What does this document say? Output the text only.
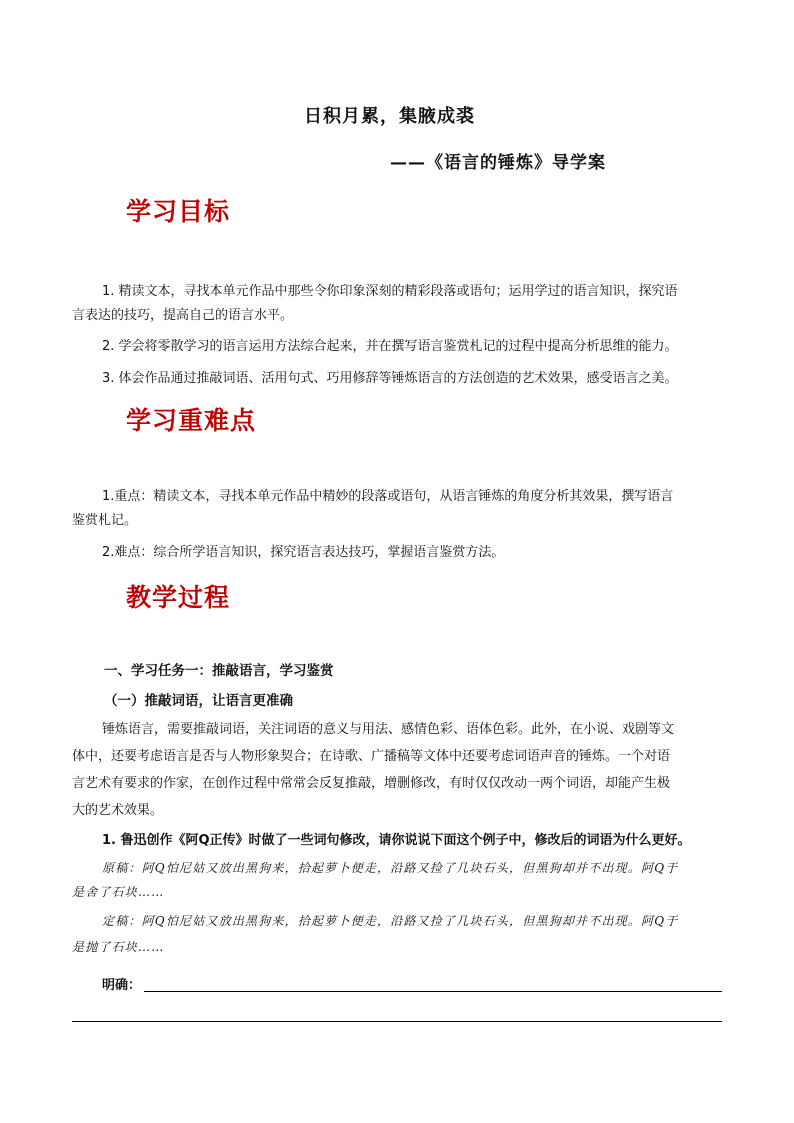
日积月累，集腋成裘
——《语言的锤炼》导学案
学习目标
1. 精读文本，寻找本单元作品中那些令你印象深刻的精彩段落或语句；运用学过的语言知识，探究语
言表达的技巧，提高自己的语言水平。
2. 学会将零散学习的语言运用方法综合起来，并在撰写语言鉴赏札记的过程中提高分析思维的能力。
3. 体会作品通过推敲词语、活用句式、巧用修辞等锤炼语言的方法创造的艺术效果，感受语言之美。
学习重难点
1.重点：精读文本，寻找本单元作品中精妙的段落或语句，从语言锤炼的角度分析其效果，撰写语言
鉴赏札记。
2.难点：综合所学语言知识，探究语言表达技巧，掌握语言鉴赏方法。
教学过程
一、学习任务一：推敲语言，学习鉴赏
（一）推敲词语，让语言更准确
锤炼语言，需要推敲词语，关注词语的意义与用法、感情色彩、语体色彩。此外，在小说、戏剧等文
体中，还要考虑语言是否与人物形象契合；在诗歌、广播稿等文体中还要考虑词语声音的锤炼。一个对语
言艺术有要求的作家，在创作过程中常常会反复推敲，增删修改，有时仅仅改动一两个词语，却能产生极
大的艺术效果。
1. 鲁迅创作《阿Q正传》时做了一些词句修改，请你说说下面这个例子中，修改后的词语为什么更好。
原稿：阿Q怕尼姑又放出黑狗来，拾起萝卜便走，沿路又捡了几块石头，但黑狗却并不出现。阿Q于
是舍了石块……
定稿：阿Q怕尼姑又放出黑狗来，拾起萝卜便走，沿路又捡了几块石头，但黑狗却并不出现。阿Q于
是抛了石块……
明确：
